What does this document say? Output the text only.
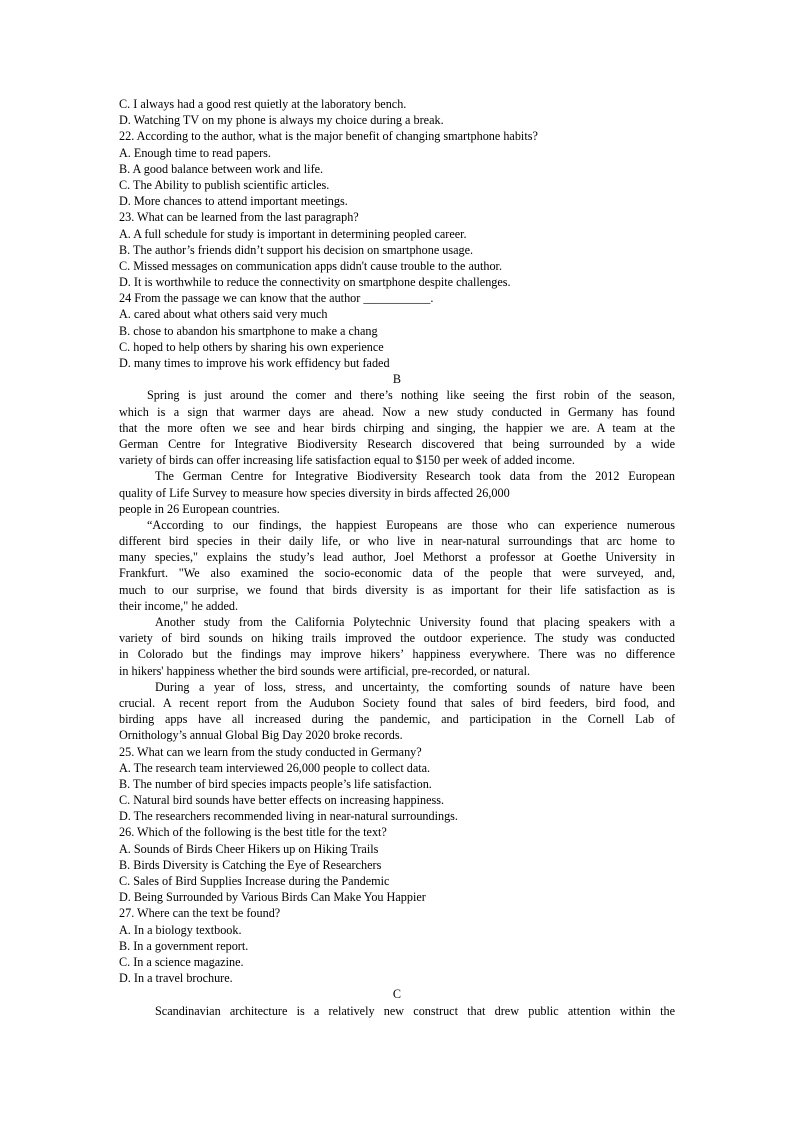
C. I always had a good rest quietly at the laboratory bench.

D. Watching TV on my phone is always my choice during a break.

22. According to the author, what is the major benefit of changing smartphone habits?

A. Enough time to read papers.

B. A good balance between work and life.

C. The Ability to publish scientific articles.

D. More chances to attend important meetings.

23. What can be learned from the last paragraph?

A. A full schedule for study is important in determining peopled career.

B. The author’s friends didn’t support his decision on smartphone usage.

C. Missed messages on communication apps didn't cause trouble to the author.

D. It is worthwhile to reduce the connectivity on smartphone despite challenges.

24 From the passage we can know that the author ___________.

A. cared about what others said very much

B. chose to abandon his smartphone to make a chang

C. hoped to help others by sharing his own experience

D. many times to improve his work effidency but faded

B

Spring is just around the comer and there’s nothing like seeing the first robin of the season,

which is a sign that warmer days are ahead. Now a new study conducted in Germany has found

that the more often we see and hear birds chirping and singing, the happier we are. A team at the

German Centre for Integrative Biodiversity Research discovered that being surrounded by a wide

variety of birds can offer increasing life satisfaction equal to $150 per week of added income.

The German Centre for Integrative Biodiversity Research took data from the 2012 European

quality of Life Survey to measure how species diversity in birds affected 26,000

people in 26 European countries.

“According to our findings, the happiest Europeans are those who can experience numerous

different bird species in their daily life, or who live in near-natural surroundings that arc home to

many species," explains the study’s lead author, Joel Methorst a professor at Goethe University in

Frankfurt. "We also examined the socio-economic data of the people that were surveyed, and,

much to our surprise, we found that birds diversity is as important for their life satisfaction as is

their income," he added.

Another study from the California Polytechnic University found that placing speakers with a

variety of bird sounds on hiking trails improved the outdoor experience. The study was conducted

in Colorado but the findings may improve hikers’ happiness everywhere. There was no difference

in hikers' happiness whether the bird sounds were artificial, pre-recorded, or natural.

During a year of loss, stress, and uncertainty, the comforting sounds of nature have been

crucial. A recent report from the Audubon Society found that sales of bird feeders, bird food, and

birding apps have all increased during the pandemic, and participation in the Cornell Lab of

Ornithology’s annual Global Big Day 2020 broke records.

25. What can we learn from the study conducted in Germany?

A. The research team interviewed 26,000 people to collect data.

B. The number of bird species impacts people’s life satisfaction.

C. Natural bird sounds have better effects on increasing happiness.

D. The researchers recommended living in near-natural surroundings.

26. Which of the following is the best title for the text?

A. Sounds of Birds Cheer Hikers up on Hiking Trails

B. Birds Diversity is Catching the Eye of Researchers

C. Sales of Bird Supplies Increase during the Pandemic

D. Being Surrounded by Various Birds Can Make You Happier

27. Where can the text be found?

A. In a biology textbook.

B. In a government report.

C. In a science magazine.

D. In a travel brochure.

C

Scandinavian architecture is a relatively new construct that drew public attention within the
